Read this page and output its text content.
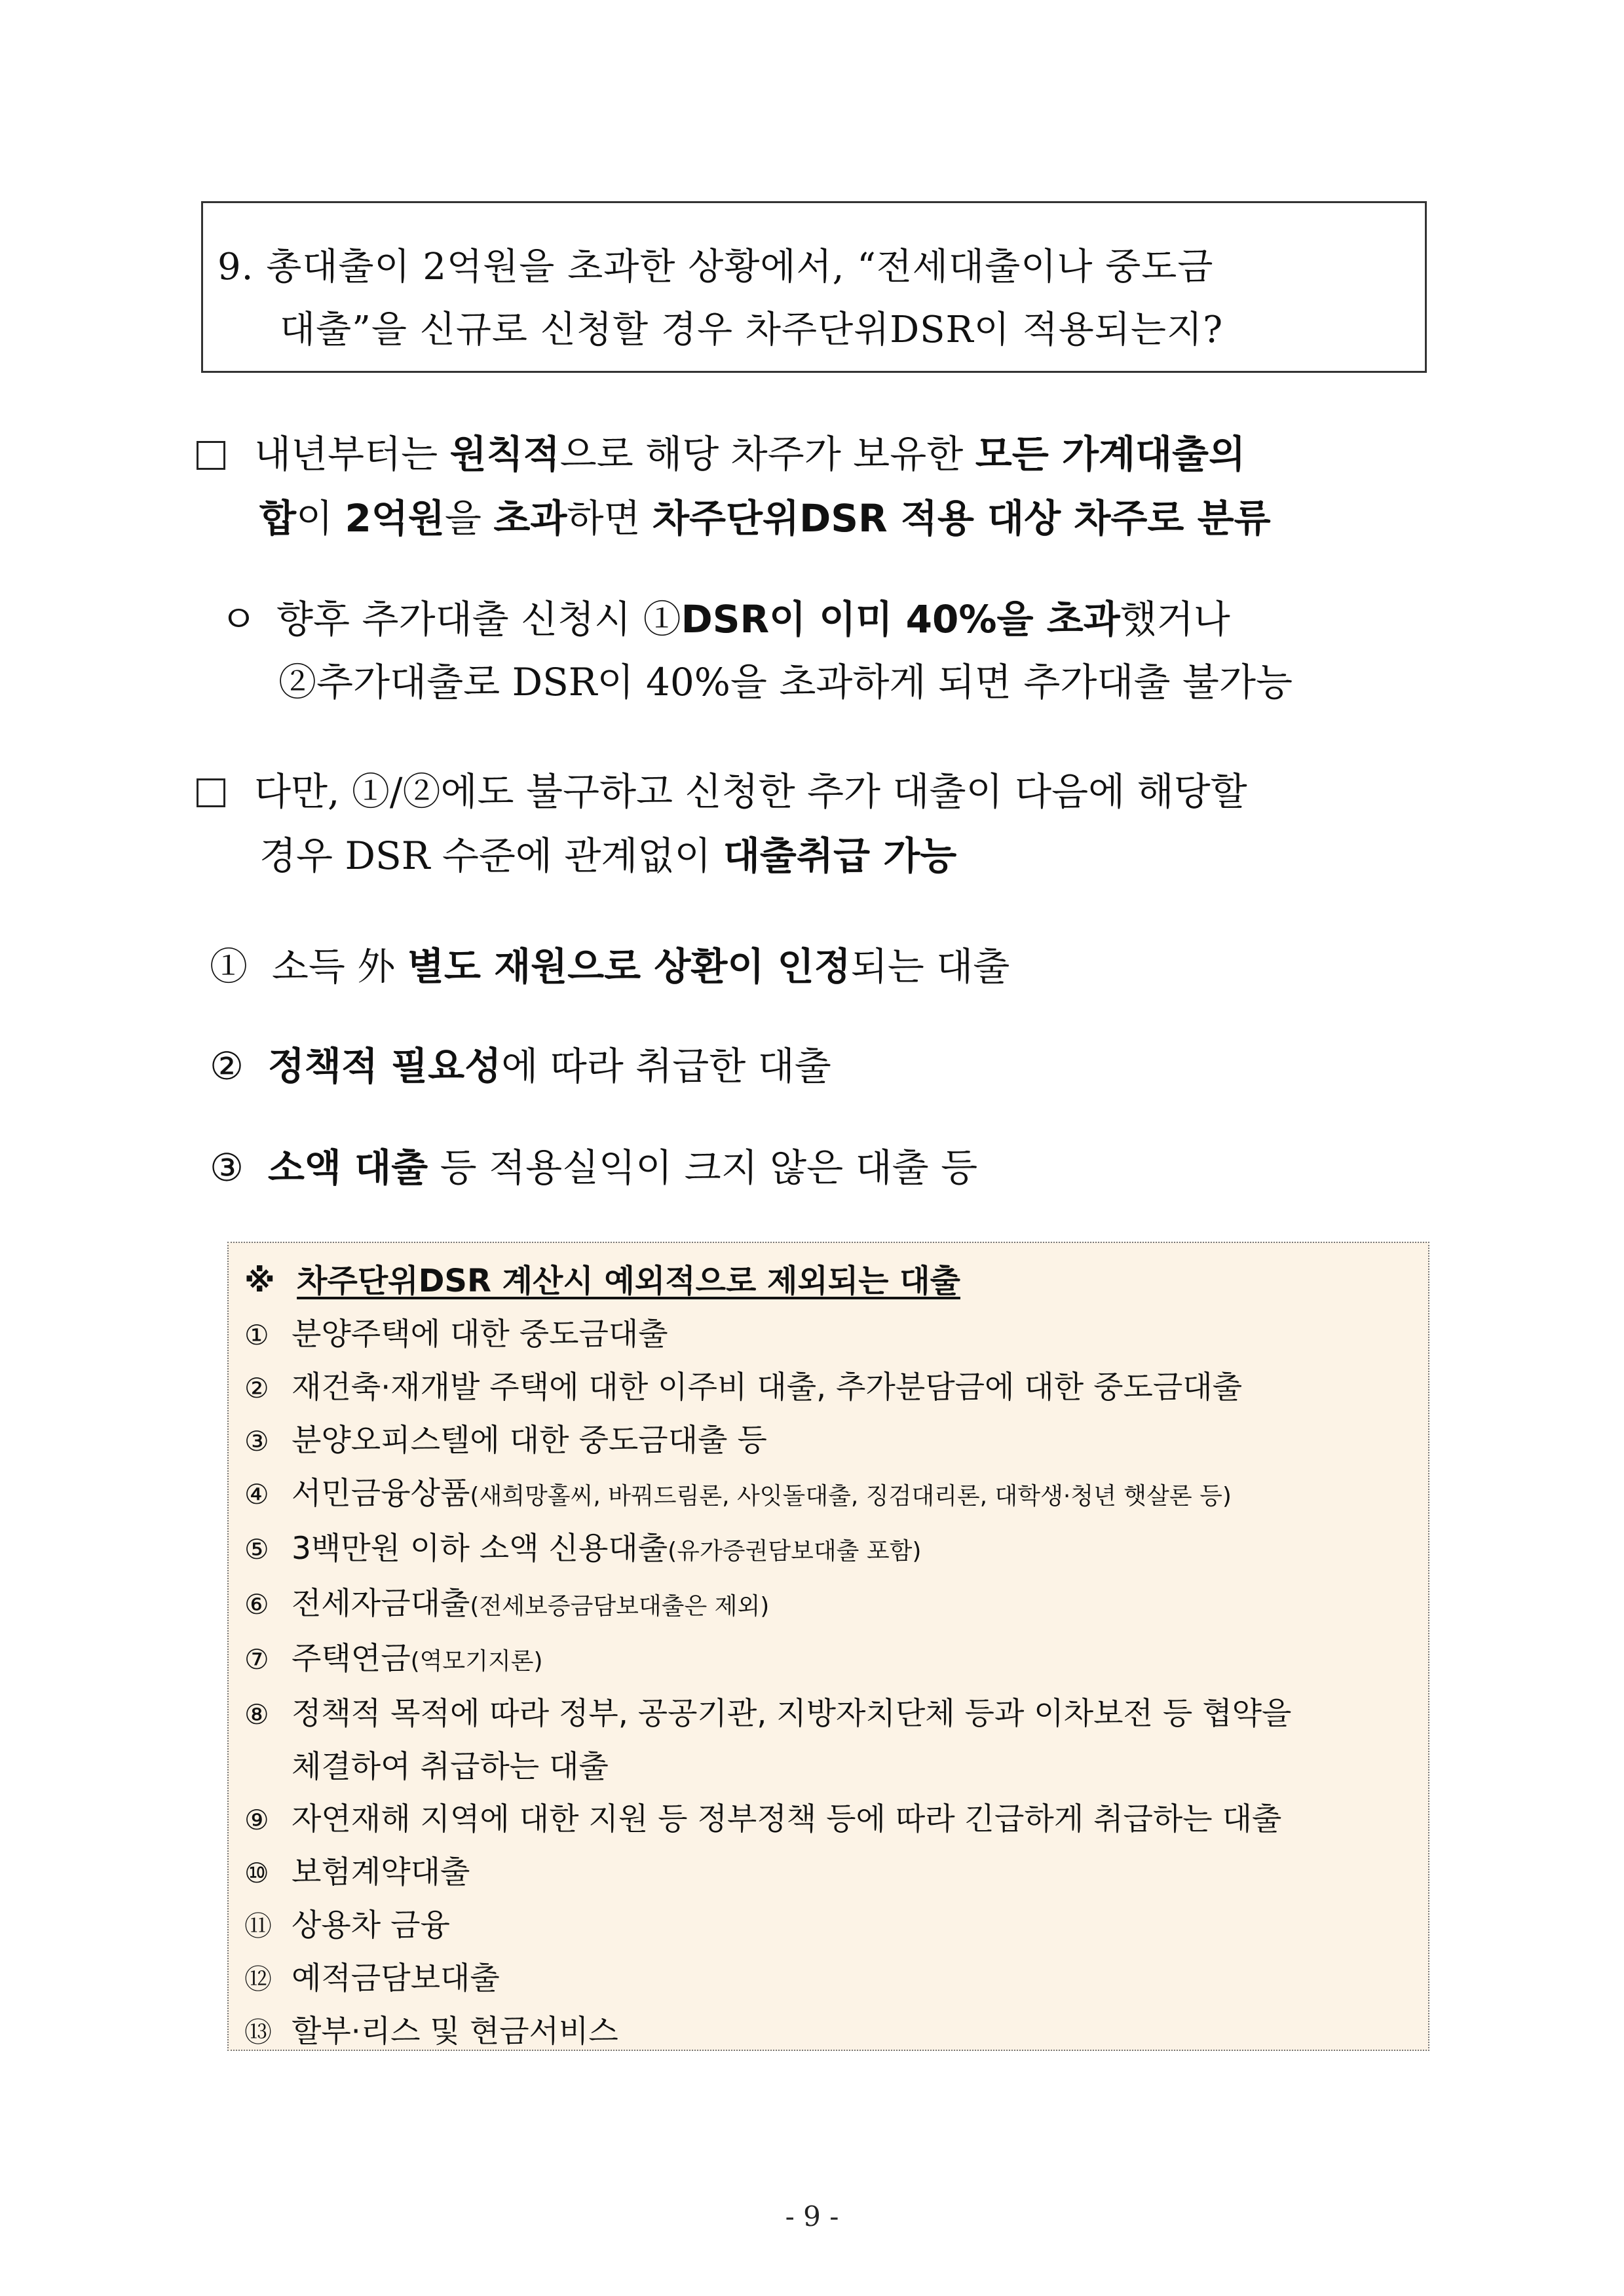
9. 총대출이 2억원을 초과한 상황에서, “전세대출이나 중도금
대출”을 신규로 신청할 경우 차주단위DSR이 적용되는지?
내년부터는 원칙적으로 해당 차주가 보유한 모든 가계대출의
합이 2억원을 초과하면 차주단위DSR 적용 대상 차주로 분류
ㅇ 향후 추가대출 신청시 ①DSR이 이미 40%을 초과했거나
②추가대출로 DSR이 40%을 초과하게 되면 추가대출 불가능
다만, ①/②에도 불구하고 신청한 추가 대출이 다음에 해당할
경우 DSR 수준에 관계없이 대출취급 가능
① 소득 外 별도 재원으로 상환이 인정되는 대출
② 정책적 필요성에 따라 취급한 대출
③ 소액 대출 등 적용실익이 크지 않은 대출 등
※ 차주단위DSR 계산시 예외적으로 제외되는 대출
① 분양주택에 대한 중도금대출
② 재건축·재개발 주택에 대한 이주비 대출, 추가분담금에 대한 중도금대출
③ 분양오피스텔에 대한 중도금대출 등
④ 서민금융상품(새희망홀씨, 바꿔드림론, 사잇돌대출, 징검대리론, 대학생·청년 햇살론 등)
⑤ 3백만원 이하 소액 신용대출(유가증권담보대출 포함)
⑥ 전세자금대출(전세보증금담보대출은 제외)
⑦ 주택연금(역모기지론)
⑧ 정책적 목적에 따라 정부, 공공기관, 지방자치단체 등과 이차보전 등 협약을
체결하여 취급하는 대출
⑨ 자연재해 지역에 대한 지원 등 정부정책 등에 따라 긴급하게 취급하는 대출
⑩ 보험계약대출
⑪ 상용차 금융
⑫ 예적금담보대출
⑬ 할부·리스 및 현금서비스
- 9 -
